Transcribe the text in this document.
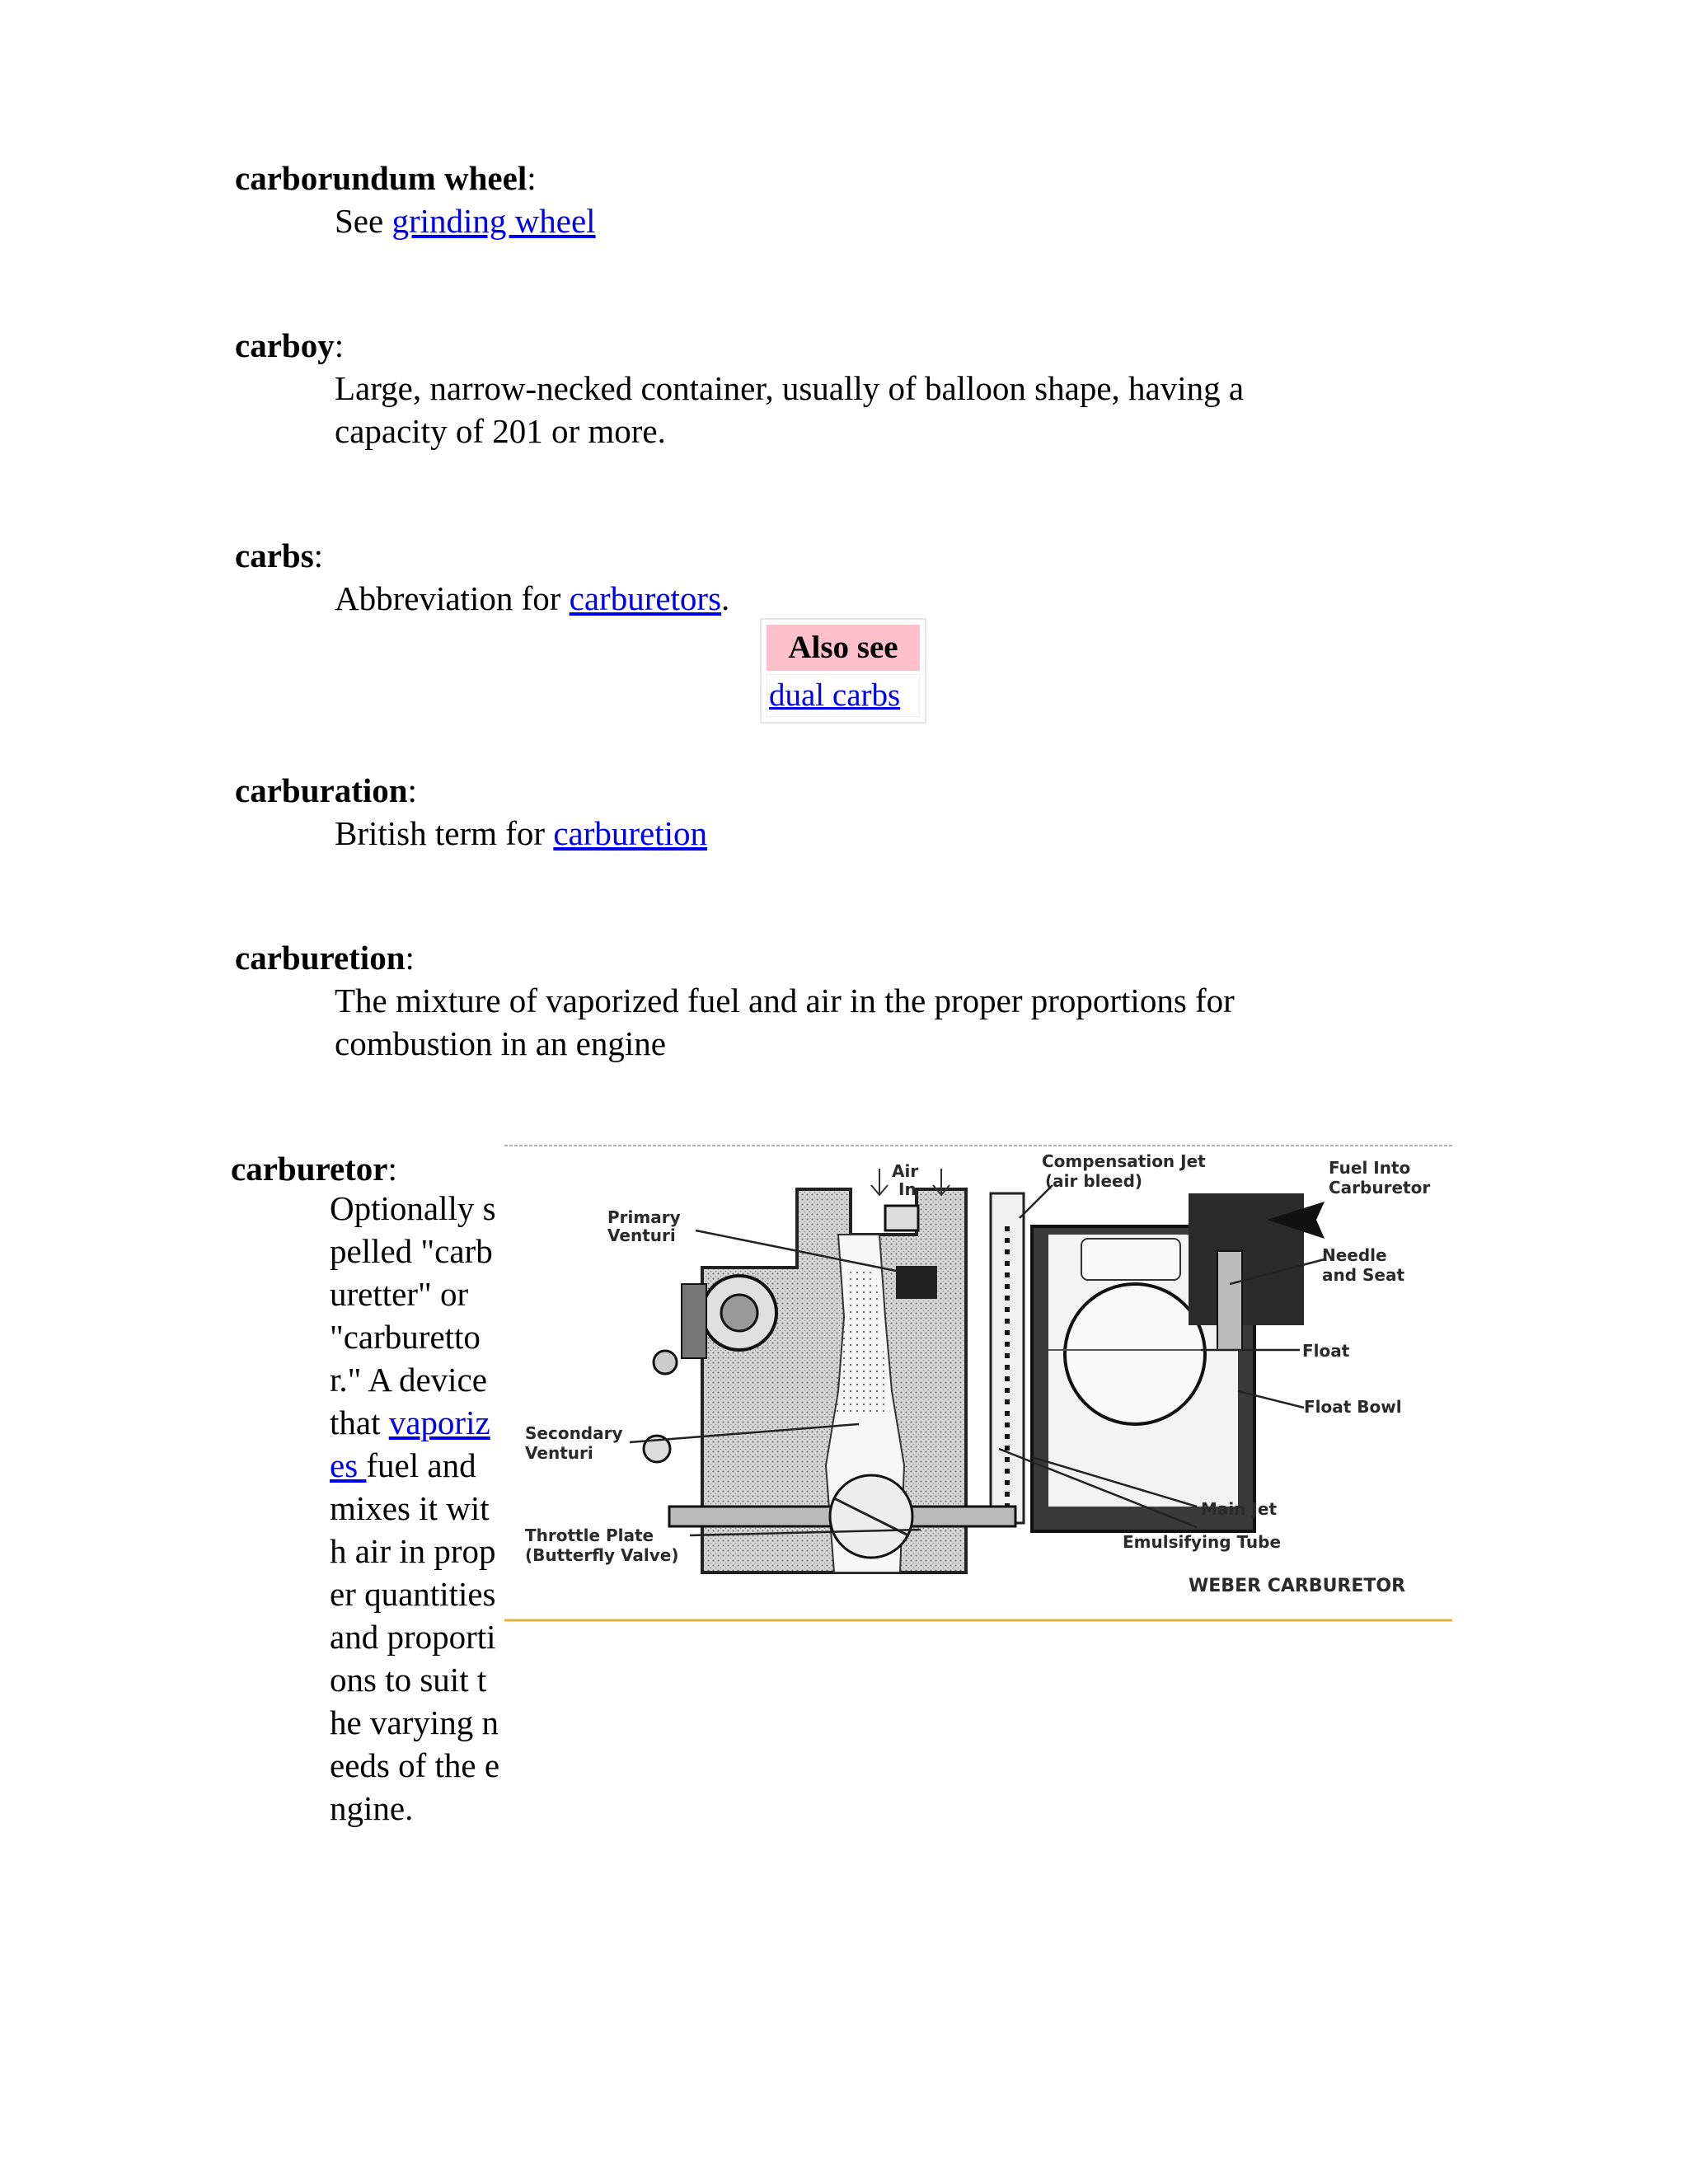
carborundum wheel:
See grinding wheel
carboy:
Large, narrow-necked container, usually of balloon shape, having a
capacity of 201 or more.
carbs:
Abbreviation for carburetors.
Also see
dual carbs
carburation:
British term for carburetion
carburetion:
The mixture of vaporized fuel and air in the proper proportions for
combustion in an engine
carburetor:
Optionally spelled "carburetter" or "carburettor." A device that vaporizes fuel and mixes it with air in proper quantities and proportions to suit the varying needs of the engine.
Air
In
Compensation Jet
(air bleed)
Fuel Into
Carburetor
Primary
Venturi
Needle
and Seat
Float
Float Bowl
Secondary
Venturi
Main Jet
Throttle Plate
(Butterfly Valve)
Emulsifying Tube
WEBER CARBURETOR
